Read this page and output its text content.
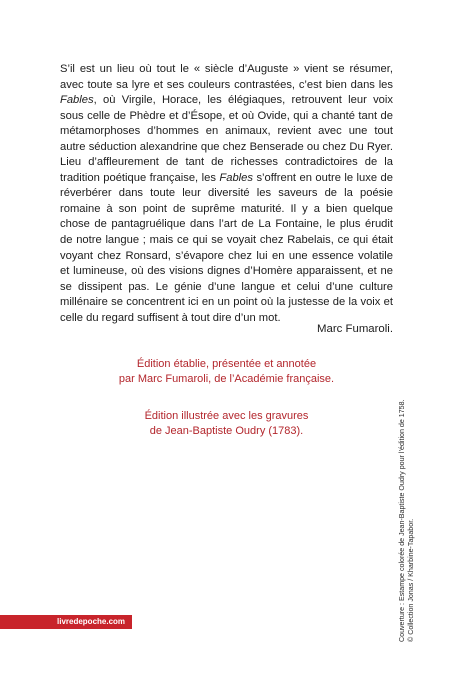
S’il est un lieu où tout le « siècle d’Auguste » vient se résumer, avec toute sa lyre et ses couleurs contrastées, c’est bien dans les Fables, où Virgile, Horace, les élégiaques, retrouvent leur voix sous celle de Phèdre et d’Ésope, et où Ovide, qui a chanté tant de métamorphoses d’hommes en animaux, revient avec une tout autre séduction alexandrine que chez Benserade ou chez Du Ryer. Lieu d’affleurement de tant de richesses contradictoires de la tradition poétique française, les Fables s’offrent en outre le luxe de réverbérer dans toute leur diversité les saveurs de la poésie romaine à son point de suprême maturité. Il y a bien quelque chose de pantagruélique dans l’art de La Fontaine, le plus érudit de notre langue ; mais ce qui se voyait chez Rabelais, ce qui était voyant chez Ronsard, s’évapore chez lui en une essence volatile et lumineuse, où des visions dignes d’Homère apparaissent, et ne se dissipent pas. Le génie d’une langue et celui d’une culture millénaire se concentrent ici en un point où la justesse de la voix et celle du regard suffisent à tout dire d’un mot.

Marc Fumaroli.

Édition établie, présentée et annotée
par Marc Fumaroli, de l’Académie française.

Édition illustrée avec les gravures
de Jean-Baptiste Oudry (1783).	Couverture : Estampe colorée de Jean-Baptiste Oudry pour l’édition de 1758. © Collection Jonas / Kharbine-Tapabor.
livredepoche.com
